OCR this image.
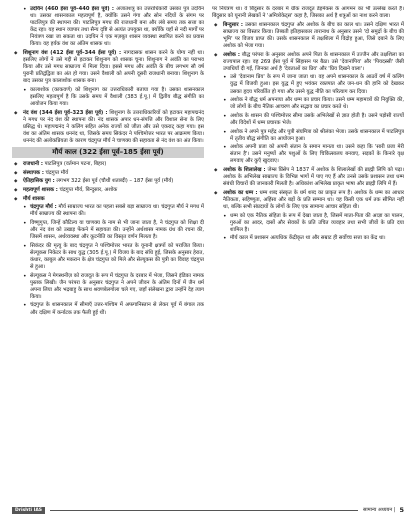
• उदयिन (460 ईसा पूर्व–440 ईसा पूर्व) : अजातशत्रु का उत्तराधिकारी उसका पुत्र उदयिन था। उसका शासनकाल महत्वपूर्ण है, क्योंकि उसने गंगा और सोन नदियों के संगम पर पाटलिपुत्र की स्थापना की। पाटलिपुत्र मगध की राजधानी बना और लंबे समय तक सत्ता का केंद्र रहा। यह स्थान व्यापार तथा सैन्य दृष्टि से अत्यंत उपयुक्त था, क्योंकि यहाँ से नदी मार्गों पर नियंत्रण रखा जा सकता था। उदयिन ने एक मज़बूत शासन व्यवस्था स्थापित करने का प्रयास किया। वह हर्यक वंश का अंतिम शासक था।

◆ शिशुनाग वंश (412 ईसा पूर्व–344 ईसा पूर्व) : नागदासक शासन करने के योग्य नहीं था। इसलिए लोगों ने उसे गद्दी से हटाकर शिशुनाग को शासक चुना। शिशुनाग ने अवंति का पराभव किया और उसे मगध साम्राज्य में मिला दिया। इससे मगध और अवंति के बीच लगभग सौ वर्ष पुरानी प्रतिद्वंद्विता का अंत हो गया। उसने वैशाली को अपनी दूसरी राजधानी बनाया। शिशुनाग के बाद उसका पुत्र कालाशोक शासक बना।

• कालाशोक (काकवर्ण) को शिशुनाग का उत्तराधिकारी बताया गया है। उसका शासनकाल इसलिए महत्वपूर्ण है कि उसके समय में वैशाली (383 ई.पू.) में द्वितीय बौद्ध संगीति का आयोजन किया गया।

◆ नंद वंश (344 ईसा पूर्व–323 ईसा पूर्व) : शिशुनाग के उत्तराधिकारियों को हटाकर महापद्मनंद ने मगध पर नंद वंश की स्थापना की। नंद शासक अपार धन-संपत्ति और विशाल सेना के लिए प्रसिद्ध थे। महापद्मनंद ने कलिंग सहित अनेक राज्यों को जीता और उसे एकराट् कहा गया। इस वंश का अंतिम शासक धननंद था, जिसके समय सिकंदर ने पश्चिमोत्तर भारत पर आक्रमण किया। धननंद की अलोकप्रियता के कारण चंद्रगुप्त मौर्य ने चाणक्य की सहायता से नंद वंश का अंत किया।

मौर्य काल (322 ईसा पूर्व–185 ईसा पूर्व)

◆ राजधानी : पाटलिपुत्र (वर्तमान पटना, बिहार)

◆ संस्थापक : चंद्रगुप्त मौर्य

◆ ऐतिहासिक युग : लगभग 322 ईसा पूर्व (चौथी शताब्दी) – 187 ईसा पूर्व (मौर्य)

◆ महत्वपूर्ण शासक : चंद्रगुप्त मौर्य, बिन्दुसार, अशोक

◆ मौर्य शासक

• चंद्रगुप्त मौर्य : मौर्य साम्राज्य भारत का पहला सबसे बड़ा साम्राज्य था। चंद्रगुप्त मौर्य ने मगध में मौर्य साम्राज्य की स्थापना की।

• विष्णुगुप्त, जिन्हें कौटिल्य या चाणक्य के नाम से भी जाना जाता है, ने चंद्रगुप्त को शिक्षा दी और नंद वंश को उखाड़ फेंकने में सहायता की। उन्होंने अर्थशास्त्र नामक ग्रंथ की रचना की, जिसमें शासन, अर्थव्यवस्था और कूटनीति का विस्तृत वर्णन मिलता है।

• सिकंदर की मृत्यु के बाद चंद्रगुप्त ने पश्चिमोत्तर भारत के यूनानी क्षत्रपों को पराजित किया। सेल्यूकस निकेटर के साथ युद्ध (305 ई.पू.) में विजय के बाद संधि हुई, जिसके अनुसार हेरात, कंधार, काबुल और मकरान के क्षेत्र चंद्रगुप्त को मिले और सेल्यूकस की पुत्री का विवाह चंद्रगुप्त से हुआ।

• सेल्यूकस ने मेगस्थनीज़ को राजदूत के रूप में चंद्रगुप्त के दरबार में भेजा, जिसने इंडिका नामक पुस्तक लिखी। जैन परंपरा के अनुसार चंद्रगुप्त ने अपने जीवन के अंतिम दिनों में जैन धर्म अपना लिया और भद्रबाहु के साथ श्रवणबेलगोला चले गए, जहाँ संलेखना द्वारा उन्होंने देह त्याग किया।

• चंद्रगुप्त के शासनकाल में सीमाएँ उत्तर-पश्चिम में अफगानिस्तान से लेकर पूर्व में बंगाल तक और दक्षिण में कर्नाटक तक फैली हुई थीं।

पर नियंत्रण था। वे बिंदुसार के दरबार में ग्रीक राजदूत डेइमेकस के आगमन का भी उल्लेख करते हैं। बिंदुसार को यूनानी लेखकों ने 'अमित्रोकेट्स' कहा है, जिसका अर्थ है शत्रुओं का नाश करने वाला।

◆ बिन्दुसार : उसका शासनकाल चंद्रगुप्त और अशोक के बीच का काल था। उसने दक्षिण भारत में साम्राज्य का विस्तार किया। तिब्बती इतिहासकार तारानाथ के अनुसार उसने 'दो समुद्रों के बीच की भूमि' पर विजय प्राप्त की। उसके शासनकाल में तक्षशिला में विद्रोह हुआ, जिसे दबाने के लिए अशोक को भेजा गया।

◆ अशोक : बौद्ध परंपरा के अनुसार अशोक अपने पिता के शासनकाल में उज्जैन और तक्षशिला का राज्यपाल रहा। वह 269 ईसा पूर्व में सिंहासन पर बैठा। उसे 'देवानांपिय' और 'पियदस्सी' जैसी उपाधियाँ दी गईं, जिनका अर्थ है 'देवताओं का प्रिय' और 'प्रिय दिखने वाला'।

• उसे 'देवानाम प्रिय' के रूप में जाना जाता था। वह अपने शासनकाल के आठवें वर्ष में कलिंग युद्ध में विजयी हुआ। इस युद्ध में हुए भयंकर रक्तपात और जन-धन की हानि को देखकर उसका हृदय परिवर्तित हो गया और उसने युद्ध नीति का परित्याग कर दिया।

• अशोक ने बौद्ध धर्म अपनाया और धम्म का प्रचार किया। उसने धम्म महामात्रों की नियुक्ति की, जो लोगों के बीच नैतिक आचरण और सद्भाव का प्रचार करते थे।

• अशोक के शासन की पश्चिमोत्तर सीमा उसके अभिलेखों से ज्ञात होती है। उसने पड़ोसी राज्यों और विदेशों में धम्म प्रचारक भेजे।

• अशोक ने अपने पुत्र महेंद्र और पुत्री संघमित्रा को श्रीलंका भेजा। उसके शासनकाल में पाटलिपुत्र में तृतीय बौद्ध संगीति का आयोजन हुआ।

• अशोक अपनी प्रजा को अपनी संतान के समान मानता था। उसने कहा कि 'सारी प्रजा मेरी संतान है'। उसने मनुष्यों और पशुओं के लिए चिकित्सालय बनवाए, सड़कों के किनारे वृक्ष लगवाए और कुएँ खुदवाए।

◆ अशोक के शिलालेख : जेम्स प्रिंसेप ने 1837 में अशोक के शिलालेखों की ब्राह्मी लिपि को पढ़ा। अशोक के अभिलेख साम्राज्य के विभिन्न भागों में पाए गए हैं और उनसे उसके प्रशासन तथा धम्म संबंधी विचारों की जानकारी मिलती है। अधिकांश अभिलेख प्राकृत भाषा और ब्राह्मी लिपि में हैं।

◆ अशोक का धम्म : धम्म शब्द संस्कृत के धर्म शब्द का प्राकृत रूप है। अशोक के धम्म का आधार नैतिकता, सहिष्णुता, अहिंसा और बड़ों के प्रति सम्मान था। यह किसी एक धर्म तक सीमित नहीं था, बल्कि सभी संप्रदायों के लोगों के लिए एक सामान्य आचार संहिता थी।

• धम्म को एक नैतिक संहिता के रूप में देखा जाता है, जिसमें माता-पिता की आज्ञा का पालन, गुरुओं का आदर, दासों और सेवकों के प्रति उचित व्यवहार तथा सभी जीवों के प्रति दया शामिल है।

• मौर्य काल में प्रशासन अत्यधिक केंद्रीकृत था और सम्राट ही सर्वोच्च सत्ता का केंद्र था।

Drishti IAS	सामान्य अध्ययन | 5
